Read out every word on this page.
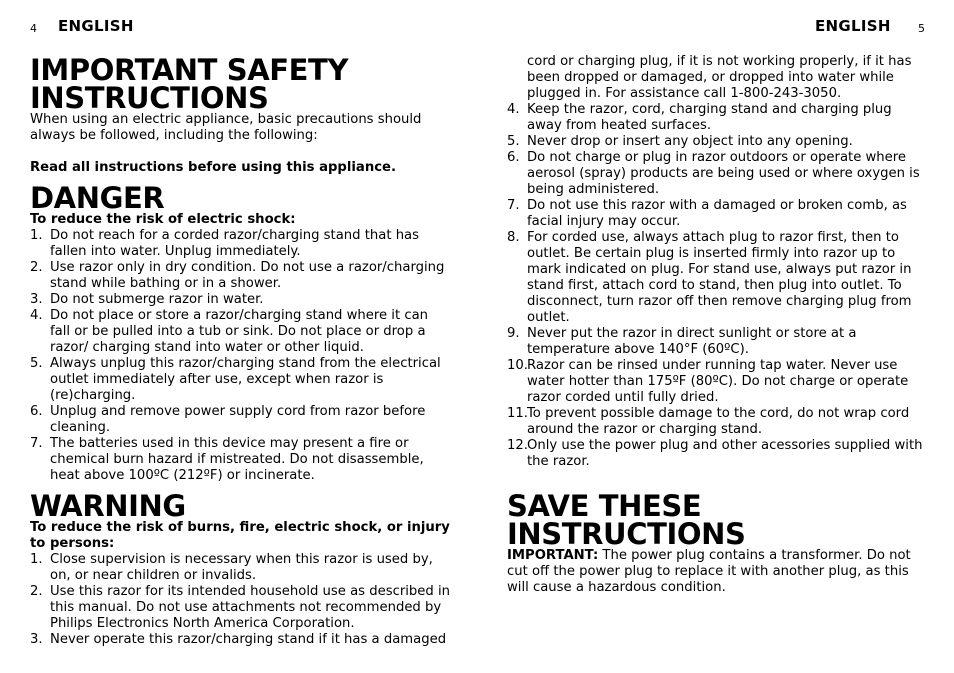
4 ENGLISH
IMPORTANT SAFETY INSTRUCTIONS

When using an electric appliance, basic precautions should always be followed, including the following:

Read all instructions before using this appliance.

DANGER

To reduce the risk of electric shock:

1. Do not reach for a corded razor/charging stand that has fallen into water. Unplug immediately.
2. Use razor only in dry condition. Do not use a razor/charging stand while bathing or in a shower.
3. Do not submerge razor in water.
4. Do not place or store a razor/charging stand where it can fall or be pulled into a tub or sink. Do not place or drop a razor/ charging stand into water or other liquid.
5. Always unplug this razor/charging stand from the electrical outlet immediately after use, except when razor is (re)charging.
6. Unplug and remove power supply cord from razor before cleaning.
7. The batteries used in this device may present a fire or chemical burn hazard if mistreated. Do not disassemble, heat above 100ºC (212ºF) or incinerate.
WARNING

To reduce the risk of burns, fire, electric shock, or injury to persons:

1. Close supervision is necessary when this razor is used by, on, or near children or invalids.
2. Use this razor for its intended household use as described in this manual. Do not use attachments not recommended by Philips Electronics North America Corporation.
3. Never operate this razor/charging stand if it has a damaged
ENGLISH 5

cord or charging plug, if it is not working properly, if it has been dropped or damaged, or dropped into water while plugged in. For assistance call 1-800-243-3050.

4. Keep the razor, cord, charging stand and charging plug away from heated surfaces.
5. Never drop or insert any object into any opening.
6. Do not charge or plug in razor outdoors or operate where aerosol (spray) products are being used or where oxygen is being administered.
7. Do not use this razor with a damaged or broken comb, as facial injury may occur.
8. For corded use, always attach plug to razor first, then to outlet. Be certain plug is inserted firmly into razor up to mark indicated on plug. For stand use, always put razor in stand first, attach cord to stand, then plug into outlet. To disconnect, turn razor off then remove charging plug from outlet.
9. Never put the razor in direct sunlight or store at a temperature above 140°F (60ºC).
10. Razor can be rinsed under running tap water. Never use water hotter than 175ºF (80ºC). Do not charge or operate razor corded until fully dried.
11. To prevent possible damage to the cord, do not wrap cord around the razor or charging stand.
12. Only use the power plug and other acessories supplied with the razor.
SAVE THESE INSTRUCTIONS

IMPORTANT: The power plug contains a transformer. Do not cut off the power plug to replace it with another plug, as this will cause a hazardous condition.
